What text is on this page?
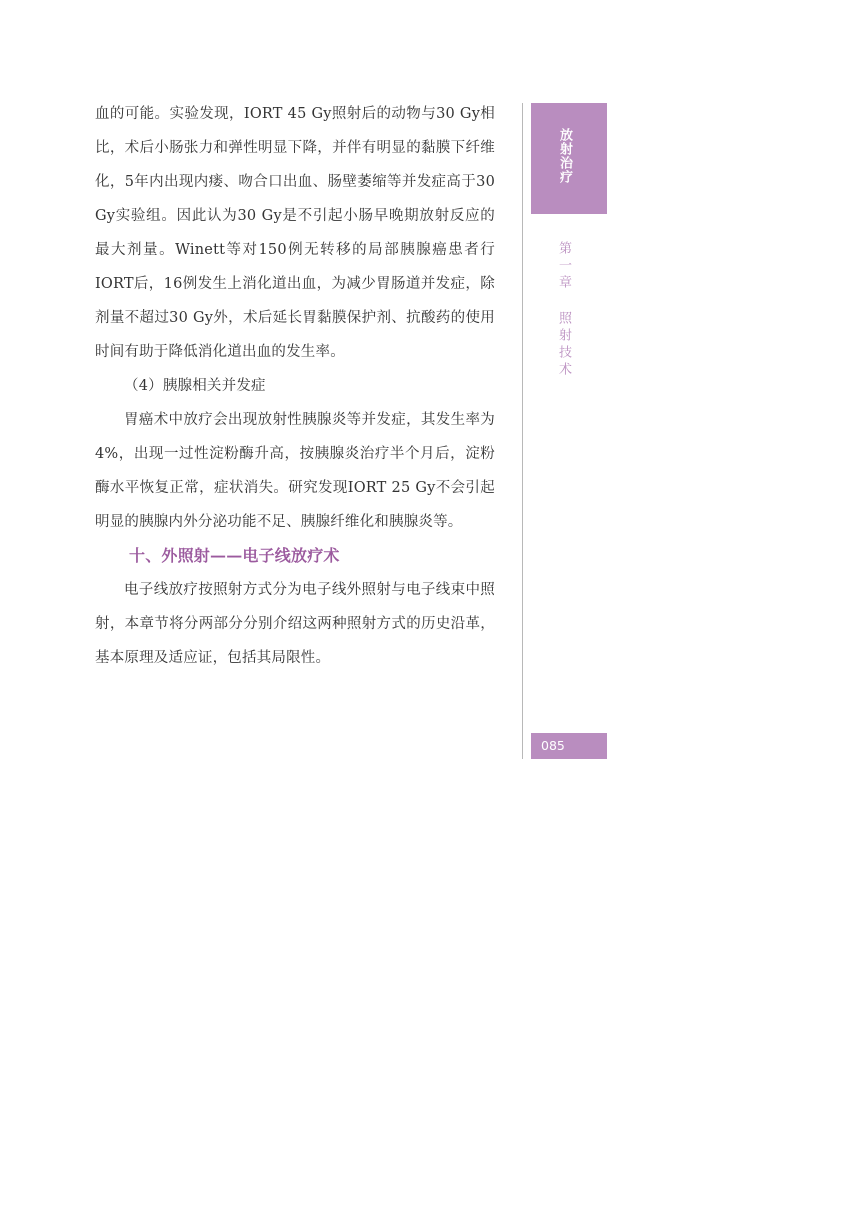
血的可能。实验发现，IORT 45 Gy照射后的动物与30 Gy相比，术后小肠张力和弹性明显下降，并伴有明显的黏膜下纤维化，5年内出现内瘘、吻合口出血、肠壁萎缩等并发症高于30 Gy实验组。因此认为30 Gy是不引起小肠早晚期放射反应的最大剂量。Winett等对150例无转移的局部胰腺癌患者行IORT后，16例发生上消化道出血，为减少胃肠道并发症，除剂量不超过30 Gy外，术后延长胃黏膜保护剂、抗酸药的使用时间有助于降低消化道出血的发生率。

（4）胰腺相关并发症

胃癌术中放疗会出现放射性胰腺炎等并发症，其发生率为4%，出现一过性淀粉酶升高，按胰腺炎治疗半个月后，淀粉酶水平恢复正常，症状消失。研究发现IORT 25 Gy不会引起明显的胰腺内外分泌功能不足、胰腺纤维化和胰腺炎等。

十、外照射——电子线放疗术

电子线放疗按照射方式分为电子线外照射与电子线束中照射，本章节将分两部分分别介绍这两种照射方式的历史沿革，基本原理及适应证，包括其局限性。

放射治疗
第一章 照射技术
085
